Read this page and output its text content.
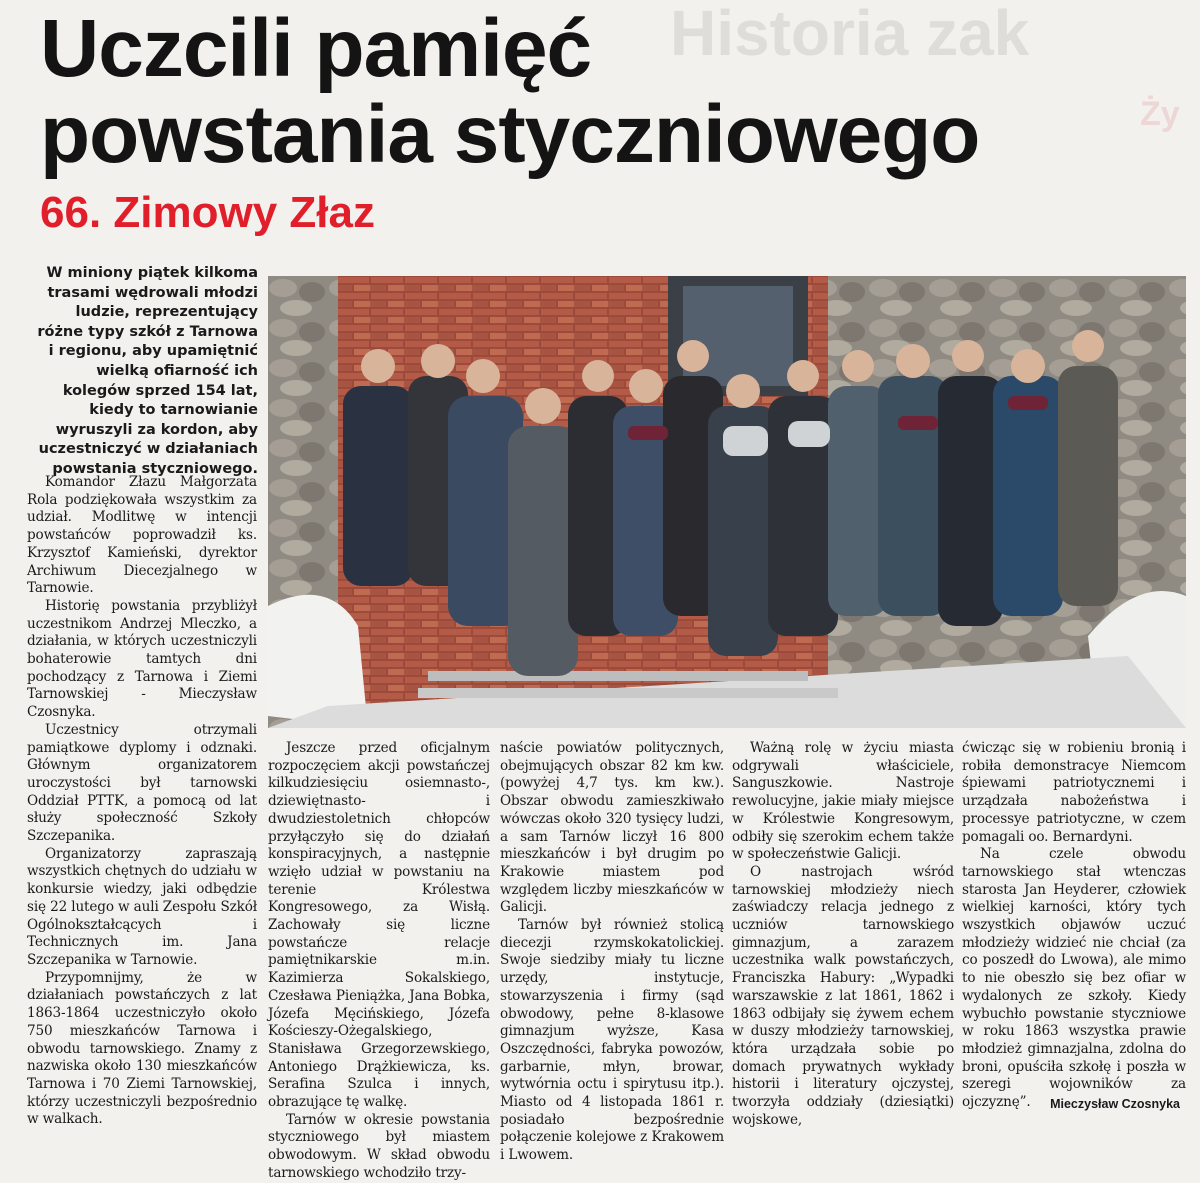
Historia zak
Ży
Uczcili pamięć
powstania styczniowego
66. Zimowy Złaz
W miniony piątek kilkoma trasami wędrowali młodzi ludzie, reprezentujący różne typy szkół z Tarnowa i regionu, aby upamiętnić wielką ofiarność ich kolegów sprzed 154 lat, kiedy to tarnowianie wyruszyli za kordon, aby uczestniczyć w działaniach powstania styczniowego.

Komandor Złazu Małgorzata Rola podziękowała wszystkim za udział. Modlitwę w intencji powstańców poprowadził ks. Krzysztof Kamieński, dyrektor Archiwum Diecezjalnego w Tarnowie.

Historię powstania przybliżył uczestnikom Andrzej Mleczko, a działania, w których uczestniczyli bohaterowie tamtych dni pochodzący z Tarnowa i Ziemi Tarnowskiej - Mieczysław Czosnyka.

Uczestnicy otrzymali pamiątkowe dyplomy i odznaki. Głównym organizatorem uroczystości był tarnowski Oddział PTTK, a pomocą od lat służy społeczność Szkoły Szczepanika.

Organizatorzy zapraszają wszystkich chętnych do udziału w konkursie wiedzy, jaki odbędzie się 22 lutego w auli Zespołu Szkół Ogólnokształcących i Technicznych im. Jana Szczepanika w Tarnowie.

Przypomnijmy, że w działaniach powstańczych z lat 1863-1864 uczestniczyło około 750 mieszkańców Tarnowa i obwodu tarnowskiego. Znamy z nazwiska około 130 mieszkańców Tarnowa i 70 Ziemi Tarnowskiej, którzy uczestniczyli bezpośrednio w walkach.

Jeszcze przed oficjalnym rozpoczęciem akcji powstańczej kilkudziesięciu osiemnasto-, dziewiętnasto- i dwudziestoletnich chłopców przyłączyło się do działań konspiracyjnych, a następnie wzięło udział w powstaniu na terenie Królestwa Kongresowego, za Wisłą. Zachowały się liczne powstańcze relacje pamiętnikarskie m.in. Kazimierza Sokalskiego, Czesława Pieniążka, Jana Bobka, Józefa Męcińskiego, Józefa Kościeszy-Ożegalskiego, Stanisława Grzegorzewskiego, Antoniego Drążkiewicza, ks. Serafina Szulca i innych, obrazujące tę walkę.

Tarnów w okresie powstania styczniowego był miastem obwodowym. W skład obwodu tarnowskiego wchodziło trzy-

naście powiatów politycznych, obejmujących obszar 82 km kw. (powyżej 4,7 tys. km kw.). Obszar obwodu zamieszkiwało wówczas około 320 tysięcy ludzi, a sam Tarnów liczył 16 800 mieszkańców i był drugim po Krakowie miastem pod względem liczby mieszkańców w Galicji.

Tarnów był również stolicą diecezji rzymskokatolickiej. Swoje siedziby miały tu liczne urzędy, instytucje, stowarzyszenia i firmy (sąd obwodowy, pełne 8-klasowe gimnazjum wyższe, Kasa Oszczędności, fabryka powozów, garbarnie, młyn, browar, wytwórnia octu i spirytusu itp.). Miasto od 4 listopada 1861 r. posiadało bezpośrednie połączenie kolejowe z Krakowem i Lwowem.

Ważną rolę w życiu miasta odgrywali właściciele, Sanguszkowie. Nastroje rewolucyjne, jakie miały miejsce w Królestwie Kongresowym, odbiły się szerokim echem także w społeczeństwie Galicji.

O nastrojach wśród tarnowskiej młodzieży niech zaświadczy relacja jednego z uczniów tarnowskiego gimnazjum, a zarazem uczestnika walk powstańczych, Franciszka Habury: „Wypadki warszawskie z lat 1861, 1862 i 1863 odbijały się żywem echem w duszy młodzieży tarnowskiej, która urządzała sobie po domach prywatnych wykłady historii i literatury ojczystej, tworzyła oddziały (dziesiątki) wojskowe,

ćwicząc się w robieniu bronią i robiła demonstracye Niemcom śpiewami patriotycznemi i urządzała nabożeństwa i processye patriotyczne, w czem pomagali oo. Bernardyni.

Na czele obwodu tarnowskiego stał wtenczas starosta Jan Heyderer, człowiek wielkiej karności, który tych wszystkich objawów uczuć młodzieży widzieć nie chciał (za co poszedł do Lwowa), ale mimo to nie obeszło się bez ofiar w wydalonych ze szkoły. Kiedy wybuchło powstanie styczniowe w roku 1863 wszystka prawie młodzież gimnazjalna, zdolna do broni, opuściła szkołę i poszła w szeregi wojowników za ojczyznę”.	Mieczysław Czosnyka
